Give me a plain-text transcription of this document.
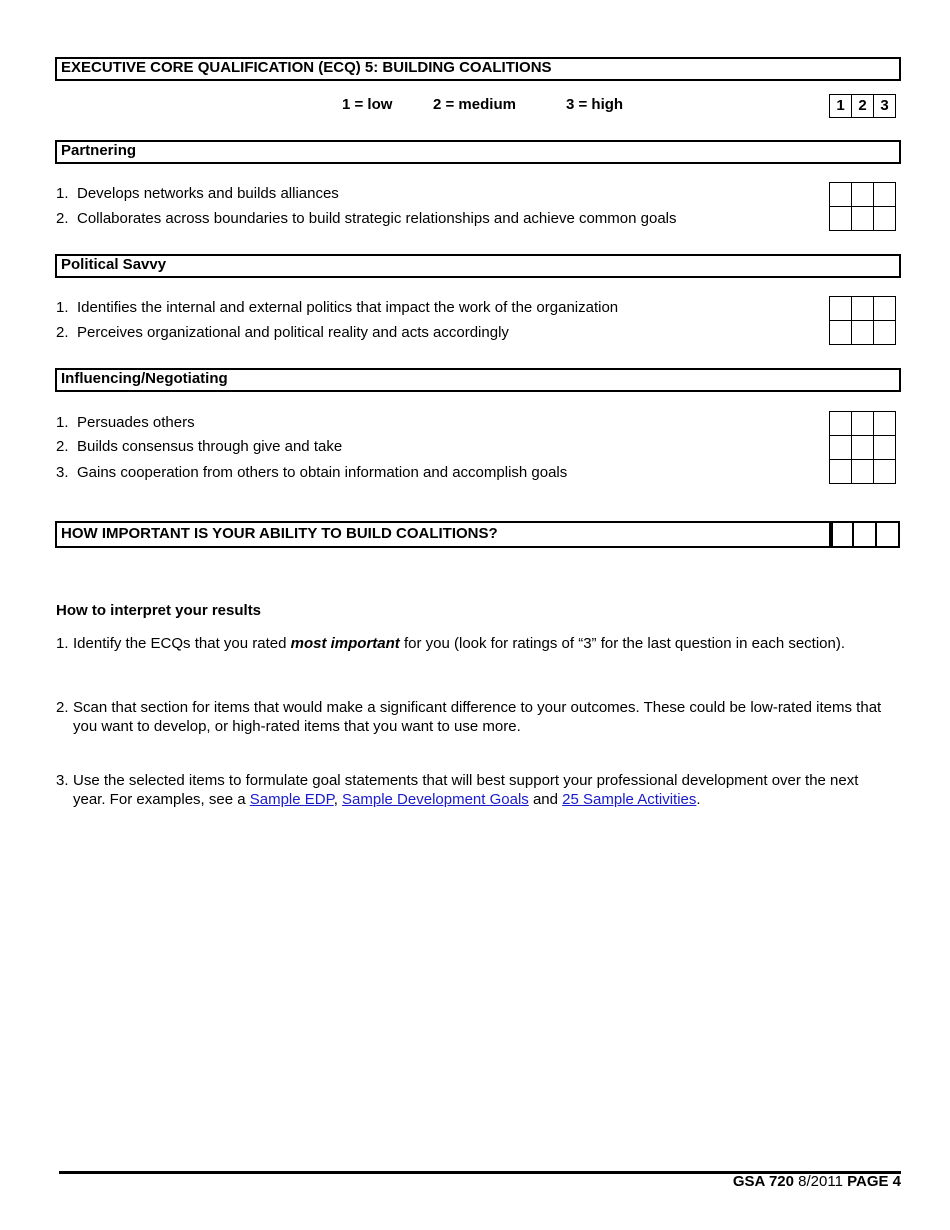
EXECUTIVE CORE QUALIFICATION (ECQ) 5: BUILDING COALITIONS
1 = low	2 = medium	3 = high	1	2	3
Partnering
1. Develops networks and builds alliances
2. Collaborates across boundaries to build strategic relationships and achieve common goals

Political Savvy
1. Identifies the internal and external politics that impact the work of the organization
2. Perceives organizational and political reality and acts accordingly

Influencing/Negotiating
1. Persuades others
2. Builds consensus through give and take
3. Gains cooperation from others to obtain information and accomplish goals

HOW IMPORTANT IS YOUR ABILITY TO BUILD COALITIONS?

How to interpret your results
1. Identify the ECQs that you rated most important for you (look for ratings of “3” for the last question in each section).
2. Scan that section for items that would make a significant difference to your outcomes. These could be low-rated items that you want to develop, or high-rated items that you want to use more.
3. Use the selected items to formulate goal statements that will best support your professional development over the next year. For examples, see a Sample EDP, Sample Development Goals and 25 Sample Activities.
GSA 720 8/2011 PAGE 4
